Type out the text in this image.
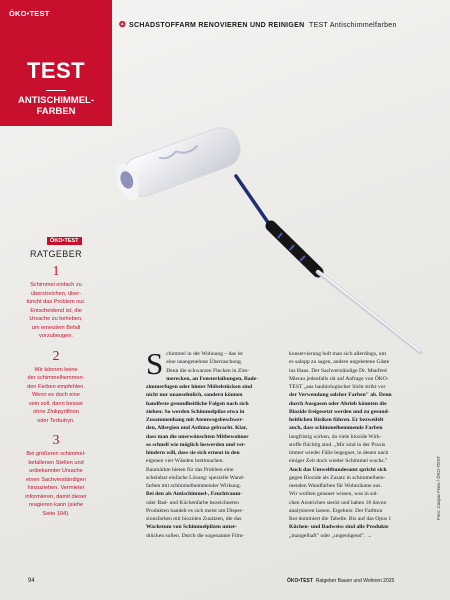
ÖKO•TEST
TEST
ANTISCHIMMEL-
FARBEN
❂ SCHADSTOFFARM RENOVIEREN UND REINIGEN TEST Antischimmelfarben
ÖKO•TEST
RATGEBER
1
Schimmel einfach zu
überstreichen, über-
tüncht das Problem nur.
Entscheidend ist, die
Ursache zu beheben,
um erneutem Befall
vorzubeugen.
2
Wir können keine
der schimmelhemmen-
den Farben empfehlen.
Wenn es doch eine
sein soll, dann besser
ohne Zinkpyrithion
oder Terbutryn.
3
Bei größeren schimmel-
befallenen Stellen und
unbekannter Ursache
einen Sachverständigen
hinzuziehen. Vermieter
informieren, damit dieser
reagieren kann (siehe
Seite 104).	Foto: Caspar Fries / ÖKO-TEST
S chimmel in der Wohnung – das ist

eine unangenehme Überraschung.

Denn die schwarzen Flecken in Zim-

merecken, an Fensterlaibungen, Bade-

zimmerfugen oder hinter Möbelstücken sind

nicht nur unansehnlich, sondern können

handfeste gesundheitliche Folgen nach sich

ziehen: So werden Schimmelpilze etwa in

Zusammenhang mit Atemwegsbeschwer-

den, Allergien und Asthma gebracht. Klar,

dass man die unerwünschten Mitbewohner

so schnell wie möglich loswerden und ver-

hindern will, dass sie sich erneut in den

eigenen vier Wänden breitmachen.

Baumärkte bieten für das Problem eine

scheinbar einfache Lösung: spezielle Wand-

farben mit schimmelhemmender Wirkung.

Bei den als Antischimmel-, Feuchtraum-

oder Bad- und Küchenfarbe bezeichneten

Produkten handelt es sich meist um Disper-

sionsfarben mit bioziden Zusätzen, die das

Wachstum von Schimmelpilzen unter-

drücken sollen. Durch die sogenannte Film-

konservierung holt man sich allerdings, um

es salopp zu sagen, andere ungebetene Gäste

ins Haus. Der Sachverständige Dr. Manfred

Mierau jedenfalls rät auf Anfrage von ÖKO-

TEST „aus baubiologischer Sicht strikt vor

der Verwendung solcher Farben" ab. Denn

durch Ausgasen oder Abrieb könnten die

Biozide freigesetzt werden und zu gesund-

heitlichen Risiken führen. Er bezweifelt

auch, dass schimmelhemmende Farben

langfristig wirken, da viele biozide Wirk-

stoffe flüchtig sind. „Mir sind in der Praxis

immer wieder Fälle begegnet, in denen nach

einiger Zeit doch wieder Schimmel wuchs."

Auch das Umweltbundesamt spricht sich

gegen Biozide als Zusatz in schimmelhem-

menden Wandfarben für Wohnräume aus.

Wir wollten genauer wissen, was in sol-

chen Anstrichen steckt und haben 18 davon

analysieren lassen. Ergebnis: Der Farbton

Rot dominiert die Tabelle. Bis auf das Opus 1

Küchen- und Badweiss sind alle Produkte

„mangelhaft" oder „ungenügend". →

94	ÖKO•TEST Ratgeber Bauen und Wohnen 2025
